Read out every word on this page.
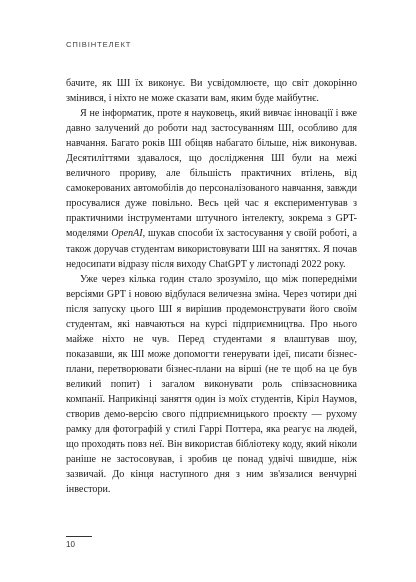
СПІВІНТЕЛЕКТ

бачите, як ШІ їх виконує. Ви усвідомлюєте, що світ докорінно змінився, і ніхто не може сказати вам, яким буде майбутнє.

Я не інформатик, проте я науковець, який вивчає інновації і вже давно залучений до роботи над застосуванням ШІ, особливо для навчання. Багато років ШІ обіцяв набагато більше, ніж виконував. Десятиліттями здавалося, що дослідження ШІ були на межі величного прориву, але більшість практичних втілень, від самокерованих автомобілів до персоналізованого навчання, завжди просувалися дуже повільно. Весь цей час я експериментував з практичними інструментами штучного інтелекту, зокрема з GPT-моделями OpenAI, шукав способи їх застосування у своїй роботі, а також доручав студентам використовувати ШІ на заняттях. Я почав недосипати відразу після виходу ChatGPT у листопаді 2022 року.

Уже через кілька годин стало зрозуміло, що між попередніми версіями GPT і новою відбулася величезна зміна. Через чотири дні після запуску цього ШІ я вирішив продемонструвати його своїм студентам, які навчаються на курсі підприємництва. Про нього майже ніхто не чув. Перед студентами я влаштував шоу, показавши, як ШІ може допомогти генерувати ідеї, писати бізнес-плани, перетворювати бізнес-плани на вірші (не те щоб на це був великий попит) і загалом виконувати роль співзасновника компанії. Наприкінці заняття один із моїх студентів, Кіріл Наумов, створив демо-версію свого підприємницького проєкту — рухому рамку для фотографій у стилі Гаррі Поттера, яка реагує на людей, що проходять повз неї. Він використав бібліотеку коду, який ніколи раніше не застосовував, і зробив це понад удвічі швидше, ніж зазвичай. До кінця наступного дня з ним зв'язалися венчурні інвестори.

10
